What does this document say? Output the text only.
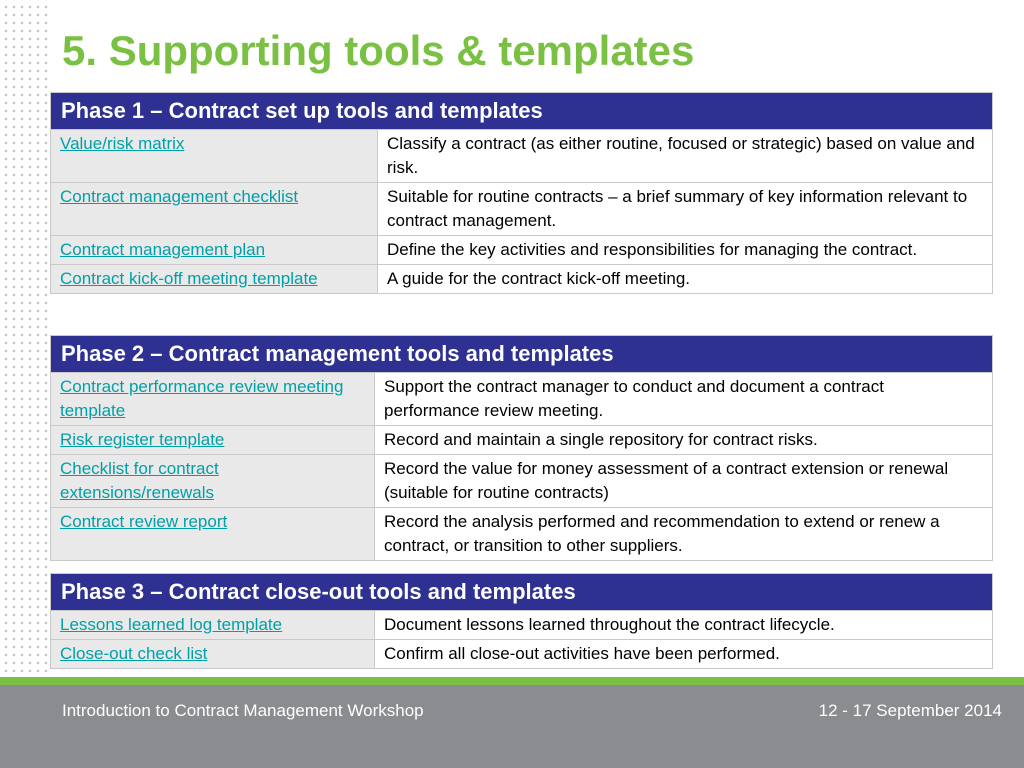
5. Supporting tools & templates
Phase 1 – Contract set up tools and templates	
Value/risk matrix	Classify a contract (as either routine, focused or strategic) based on value and risk.
Contract management checklist	Suitable for routine contracts – a brief summary of key information relevant to contract management.
Contract management plan	Define the key activities and responsibilities for managing the contract.
Contract kick-off meeting template	A guide for the contract kick-off meeting.
Phase 2 – Contract management tools and templates	
Contract performance review meeting template	Support the contract manager to conduct and document a contract performance review meeting.
Risk register template	Record and maintain a single repository for contract risks.
Checklist for contract extensions/renewals	Record the value for money assessment of a contract extension or renewal (suitable for routine contracts)
Contract review report	Record the analysis performed and recommendation to extend or renew a contract, or transition to other suppliers.
Phase 3 – Contract close-out tools and templates	
Lessons learned log template	Document lessons learned throughout the contract lifecycle.
Close-out check list	Confirm all close-out activities have been performed.
Introduction to Contract Management Workshop	12 - 17 September 2014
